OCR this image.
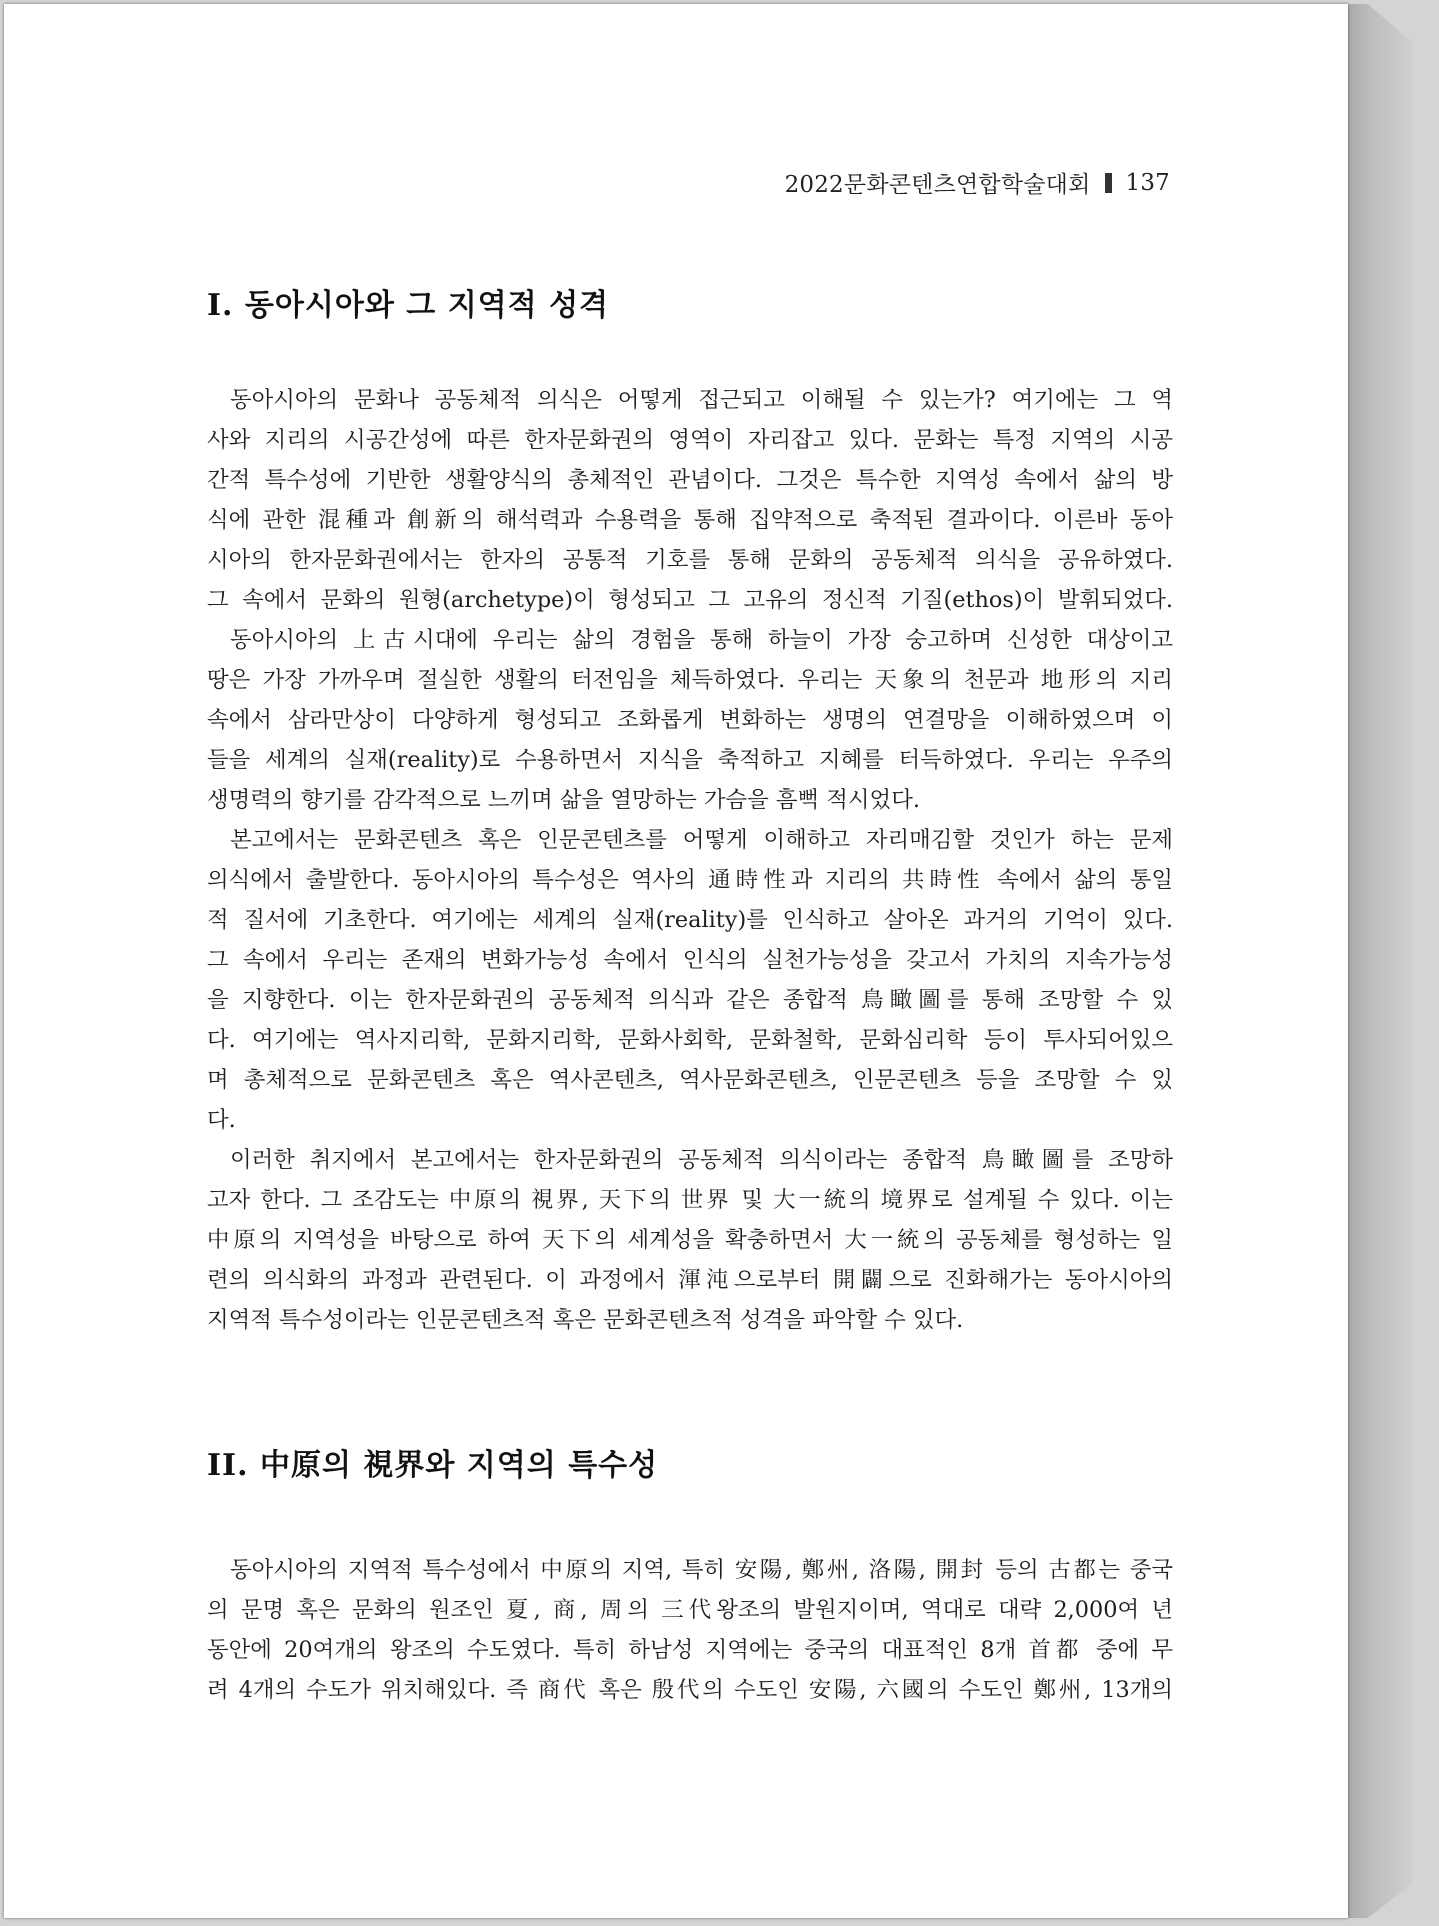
2022문화콘텐츠연합학술대회 137
I. 동아시아와 그 지역적 성격
동아시아의 문화나 공동체적 의식은 어떻게 접근되고 이해될 수 있는가? 여기에는 그 역
사와 지리의 시공간성에 따른 한자문화권의 영역이 자리잡고 있다. 문화는 특정 지역의 시공
간적 특수성에 기반한 생활양식의 총체적인 관념이다. 그것은 특수한 지역성 속에서 삶의 방
식에 관한 混種과 創新의 해석력과 수용력을 통해 집약적으로 축적된 결과이다. 이른바 동아
시아의 한자문화권에서는 한자의 공통적 기호를 통해 문화의 공동체적 의식을 공유하였다.
그 속에서 문화의 원형(archetype)이 형성되고 그 고유의 정신적 기질(ethos)이 발휘되었다.
동아시아의 上古시대에 우리는 삶의 경험을 통해 하늘이 가장 숭고하며 신성한 대상이고
땅은 가장 가까우며 절실한 생활의 터전임을 체득하였다. 우리는 天象의 천문과 地形의 지리
속에서 삼라만상이 다양하게 형성되고 조화롭게 변화하는 생명의 연결망을 이해하였으며 이
들을 세계의 실재(reality)로 수용하면서 지식을 축적하고 지혜를 터득하였다. 우리는 우주의
생명력의 향기를 감각적으로 느끼며 삶을 열망하는 가슴을 흠뻑 적시었다.
본고에서는 문화콘텐츠 혹은 인문콘텐츠를 어떻게 이해하고 자리매김할 것인가 하는 문제
의식에서 출발한다. 동아시아의 특수성은 역사의 通時性과 지리의 共時性 속에서 삶의 통일
적 질서에 기초한다. 여기에는 세계의 실재(reality)를 인식하고 살아온 과거의 기억이 있다.
그 속에서 우리는 존재의 변화가능성 속에서 인식의 실천가능성을 갖고서 가치의 지속가능성
을 지향한다. 이는 한자문화권의 공동체적 의식과 같은 종합적 鳥瞰圖를 통해 조망할 수 있
다. 여기에는 역사지리학, 문화지리학, 문화사회학, 문화철학, 문화심리학 등이 투사되어있으
며 총체적으로 문화콘텐츠 혹은 역사콘텐츠, 역사문화콘텐츠, 인문콘텐츠 등을 조망할 수 있
다.
이러한 취지에서 본고에서는 한자문화권의 공동체적 의식이라는 종합적 鳥瞰圖를 조망하
고자 한다. 그 조감도는 中原의 視界, 天下의 世界 및 大一統의 境界로 설계될 수 있다. 이는
中原의 지역성을 바탕으로 하여 天下의 세계성을 확충하면서 大一統의 공동체를 형성하는 일
련의 의식화의 과정과 관련된다. 이 과정에서 渾沌으로부터 開闢으로 진화해가는 동아시아의
지역적 특수성이라는 인문콘텐츠적 혹은 문화콘텐츠적 성격을 파악할 수 있다.
II. 中原의 視界와 지역의 특수성
동아시아의 지역적 특수성에서 中原의 지역, 특히 安陽, 鄭州, 洛陽, 開封 등의 古都는 중국
의 문명 혹은 문화의 원조인 夏, 商, 周의 三代왕조의 발원지이며, 역대로 대략 2,000여 년
동안에 20여개의 왕조의 수도였다. 특히 하남성 지역에는 중국의 대표적인 8개 首都 중에 무
려 4개의 수도가 위치해있다. 즉 商代 혹은 殷代의 수도인 安陽, 六國의 수도인 鄭州, 13개의
